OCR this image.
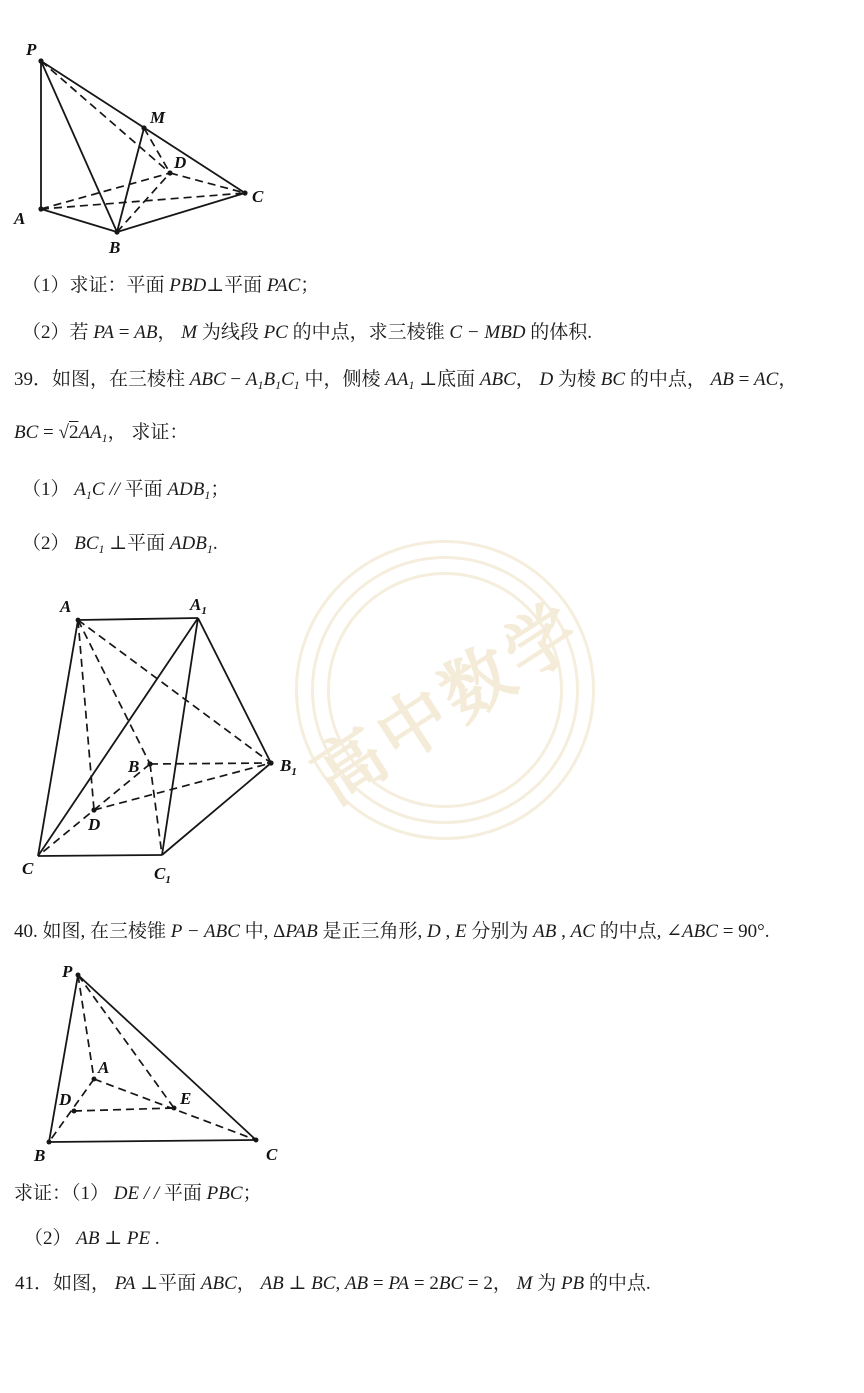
高中数学
P
A
B
C
M
D
（1）求证：平面 PBD⊥平面 PAC；
（2）若 PA = AB， M 为线段 PC 的中点，求三棱锥 C − MBD 的体积.
39．如图，在三棱柱 ABC − $A_1B_1C_1$ 中，侧棱 $AA_1$ ⊥底面 ABC， D 为棱 BC 的中点， AB = AC，
BC = $√2AA_1$， 求证：
（1） $A_1C$ // 平面 $ADB_1$；
（2） $BC_1$ ⊥平面 $ADB_1$.
A	$A_1$
B	$B_1$
C	$C_1$
D
40. 如图, 在三棱锥 P − ABC 中, ΔPAB 是正三角形, D , E 分别为 AB , AC 的中点, ∠ABC = 90°.
P
B	C
A
D	E
求证：（1） DE / / 平面 PBC；
（2） AB ⊥ PE .
41．如图， PA ⊥平面 ABC， AB ⊥ BC, AB = PA = 2BC = 2， M 为 PB 的中点.
